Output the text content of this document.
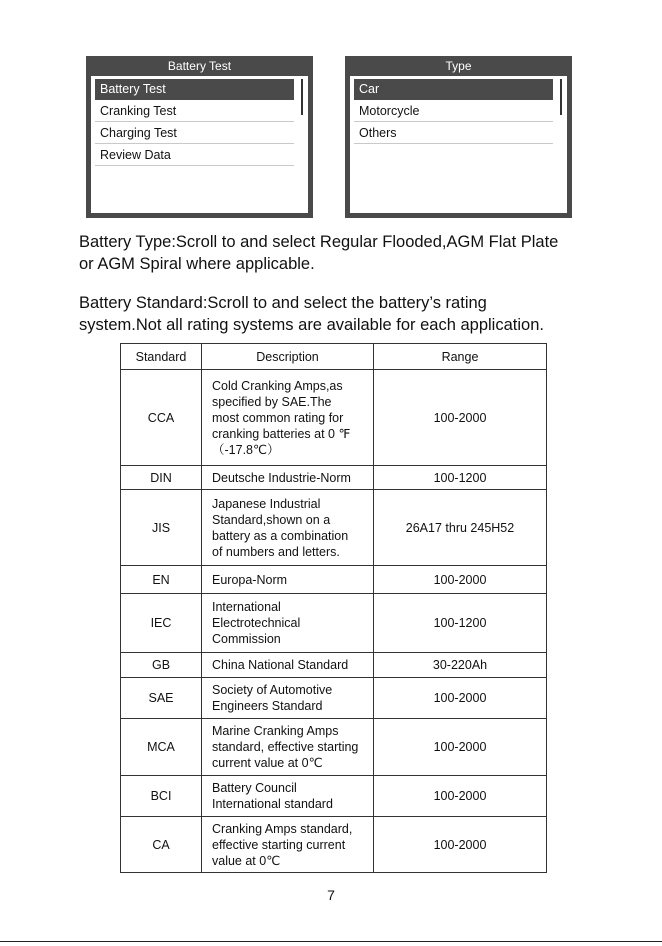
Battery Test
Battery Test
Cranking Test
Charging Test
Review Data
Type
Car
Motorcycle
Others
Battery Type:Scroll to and select Regular Flooded,AGM Flat Plate
or AGM Spiral where applicable.
Battery Standard:Scroll to and select the battery’s rating
system.Not all rating systems are available for each application.
Standard	Description	Range
CCA	Cold Cranking Amps,as
specified by SAE.The
most common rating for
cranking batteries at 0 ℉
（-17.8℃）	100-2000
DIN	Deutsche Industrie-Norm	100-1200
JIS	Japanese Industrial
Standard,shown on a
battery as a combination
of numbers and letters.	26A17 thru 245H52
EN	Europa-Norm	100-2000
IEC	International
Electrotechnical
Commission	100-1200
GB	China National Standard	30-220Ah
SAE	Society of Automotive
Engineers Standard	100-2000
MCA	Marine Cranking Amps
standard, effective starting
current value at 0℃	100-2000
BCI	Battery Council
International standard	100-2000
CA	Cranking Amps standard,
effective starting current
value at 0℃	100-2000
7
